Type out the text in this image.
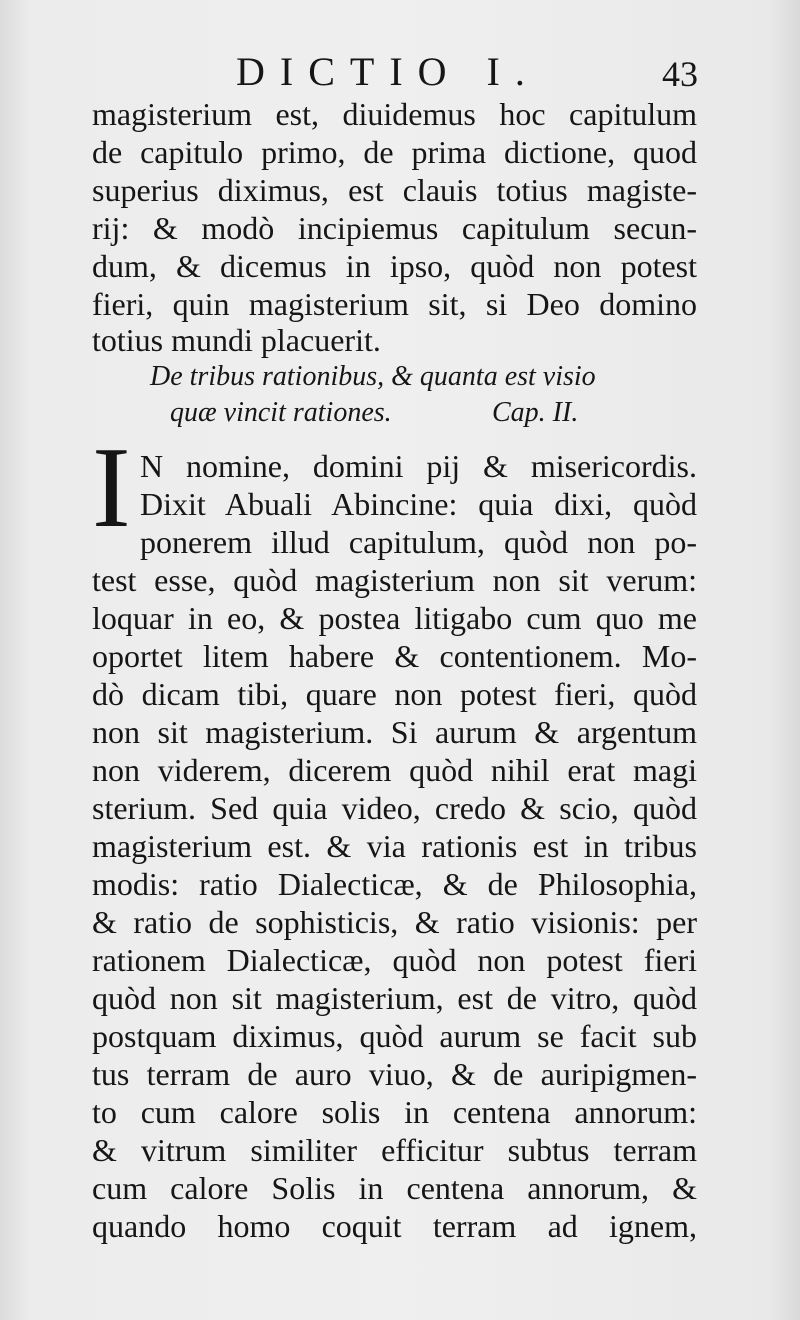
DICTIO I.	43
magisterium est, diuidemus hoc capitulum
de capitulo primo, de prima dictione, quod
superius diximus, est clauis totius magiste-
rij: & modò incipiemus capitulum secun-
dum, & dicemus in ipso, quòd non potest
fieri, quin magisterium sit, si Deo domino
totius mundi placuerit.
De tribus rationibus, & quanta est visio
quæ vincit rationes.	Cap. II.
I N nomine, domini pij & misericordis.
Dixit Abuali Abincine: quia dixi, quòd
ponerem illud capitulum, quòd non po-
test esse, quòd magisterium non sit verum:
loquar in eo, & postea litigabo cum quo me
oportet litem habere & contentionem. Mo-
dò dicam tibi, quare non potest fieri, quòd
non sit magisterium. Si aurum & argentum
non viderem, dicerem quòd nihil erat magi
sterium. Sed quia video, credo & scio, quòd
magisterium est. & via rationis est in tribus
modis: ratio Dialecticæ, & de Philosophia,
& ratio de sophisticis, & ratio visionis: per
rationem Dialecticæ, quòd non potest fieri
quòd non sit magisterium, est de vitro, quòd
postquam diximus, quòd aurum se facit sub
tus terram de auro viuo, & de auripigmen-
to cum calore solis in centena annorum:
& vitrum similiter efficitur subtus terram
cum calore Solis in centena annorum, &
quando homo coquit terram ad ignem,
